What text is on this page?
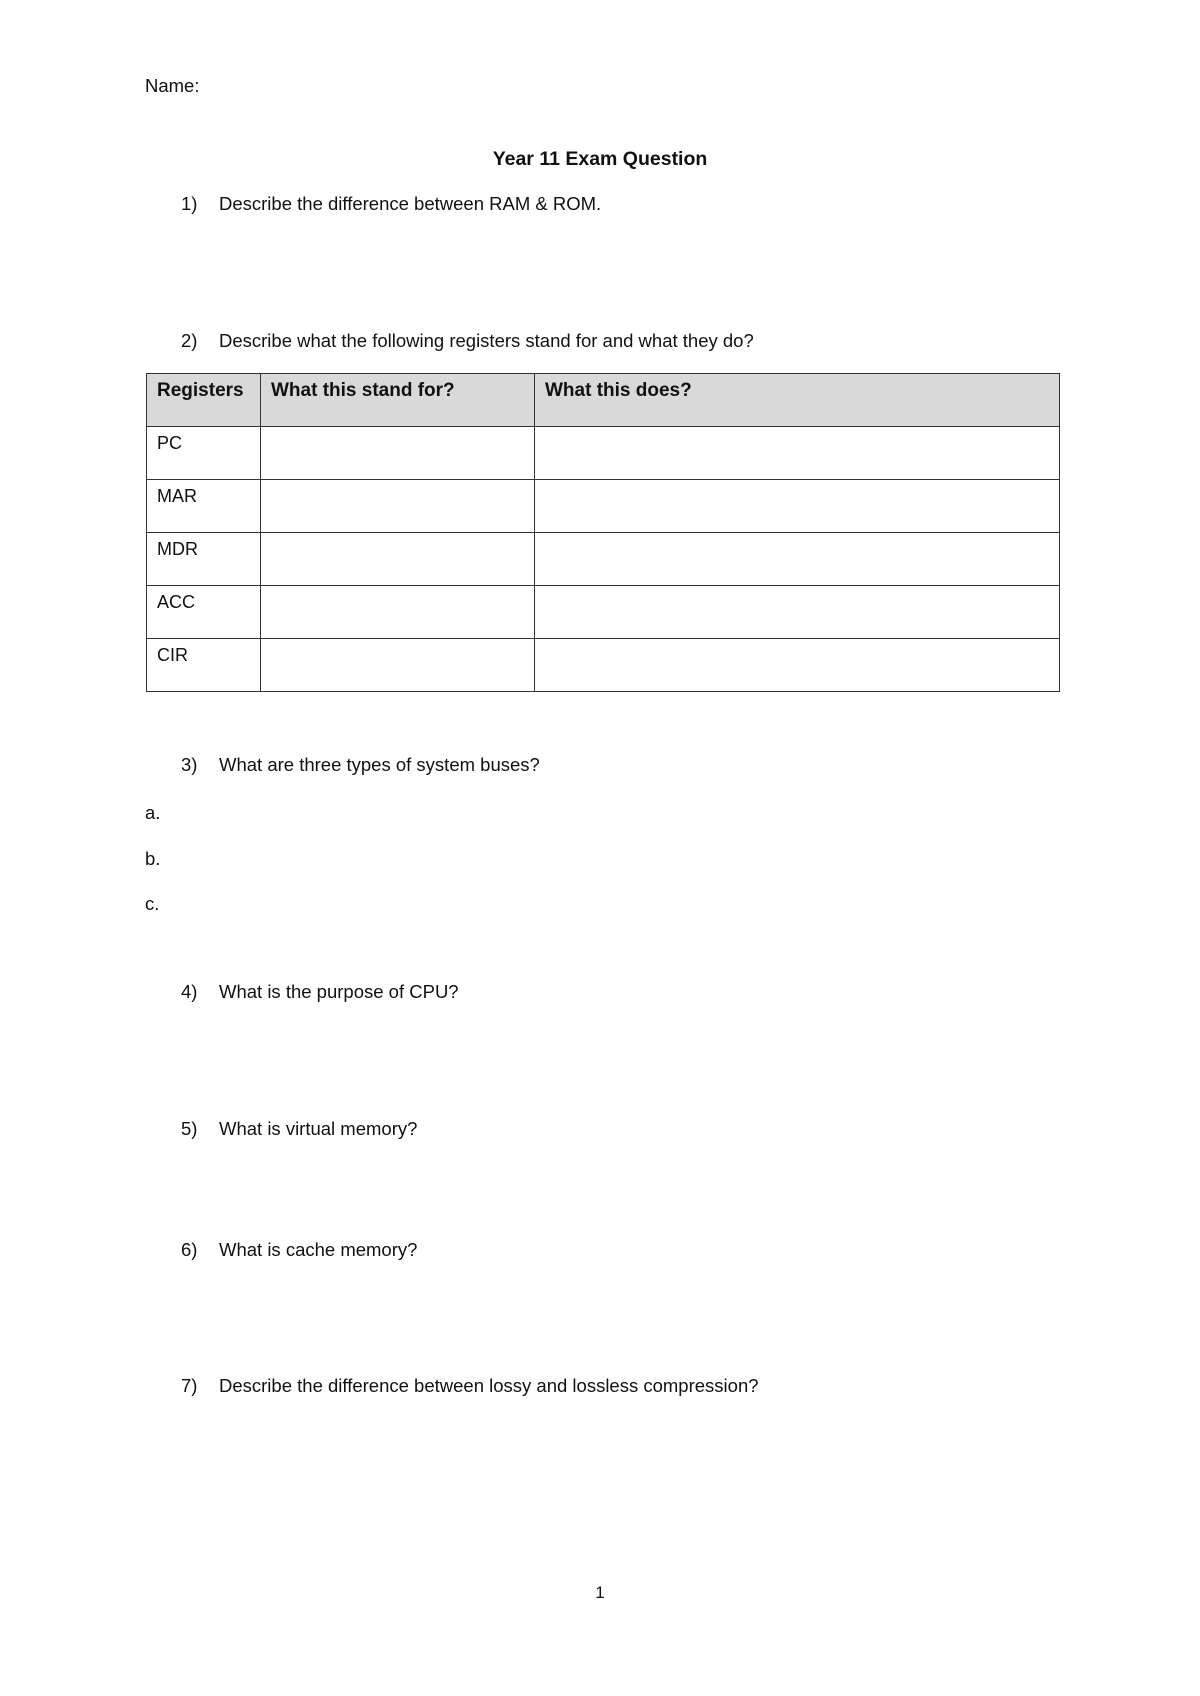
Name:
Year 11 Exam Question
1) Describe the difference between RAM & ROM.
2) Describe what the following registers stand for and what they do?
Registers	What this stand for?	What this does?
PC		
MAR		
MDR		
ACC		
CIR		
3) What are three types of system buses?
a.
b.
c.
4) What is the purpose of CPU?
5) What is virtual memory?
6) What is cache memory?
7) Describe the difference between lossy and lossless compression?
1
